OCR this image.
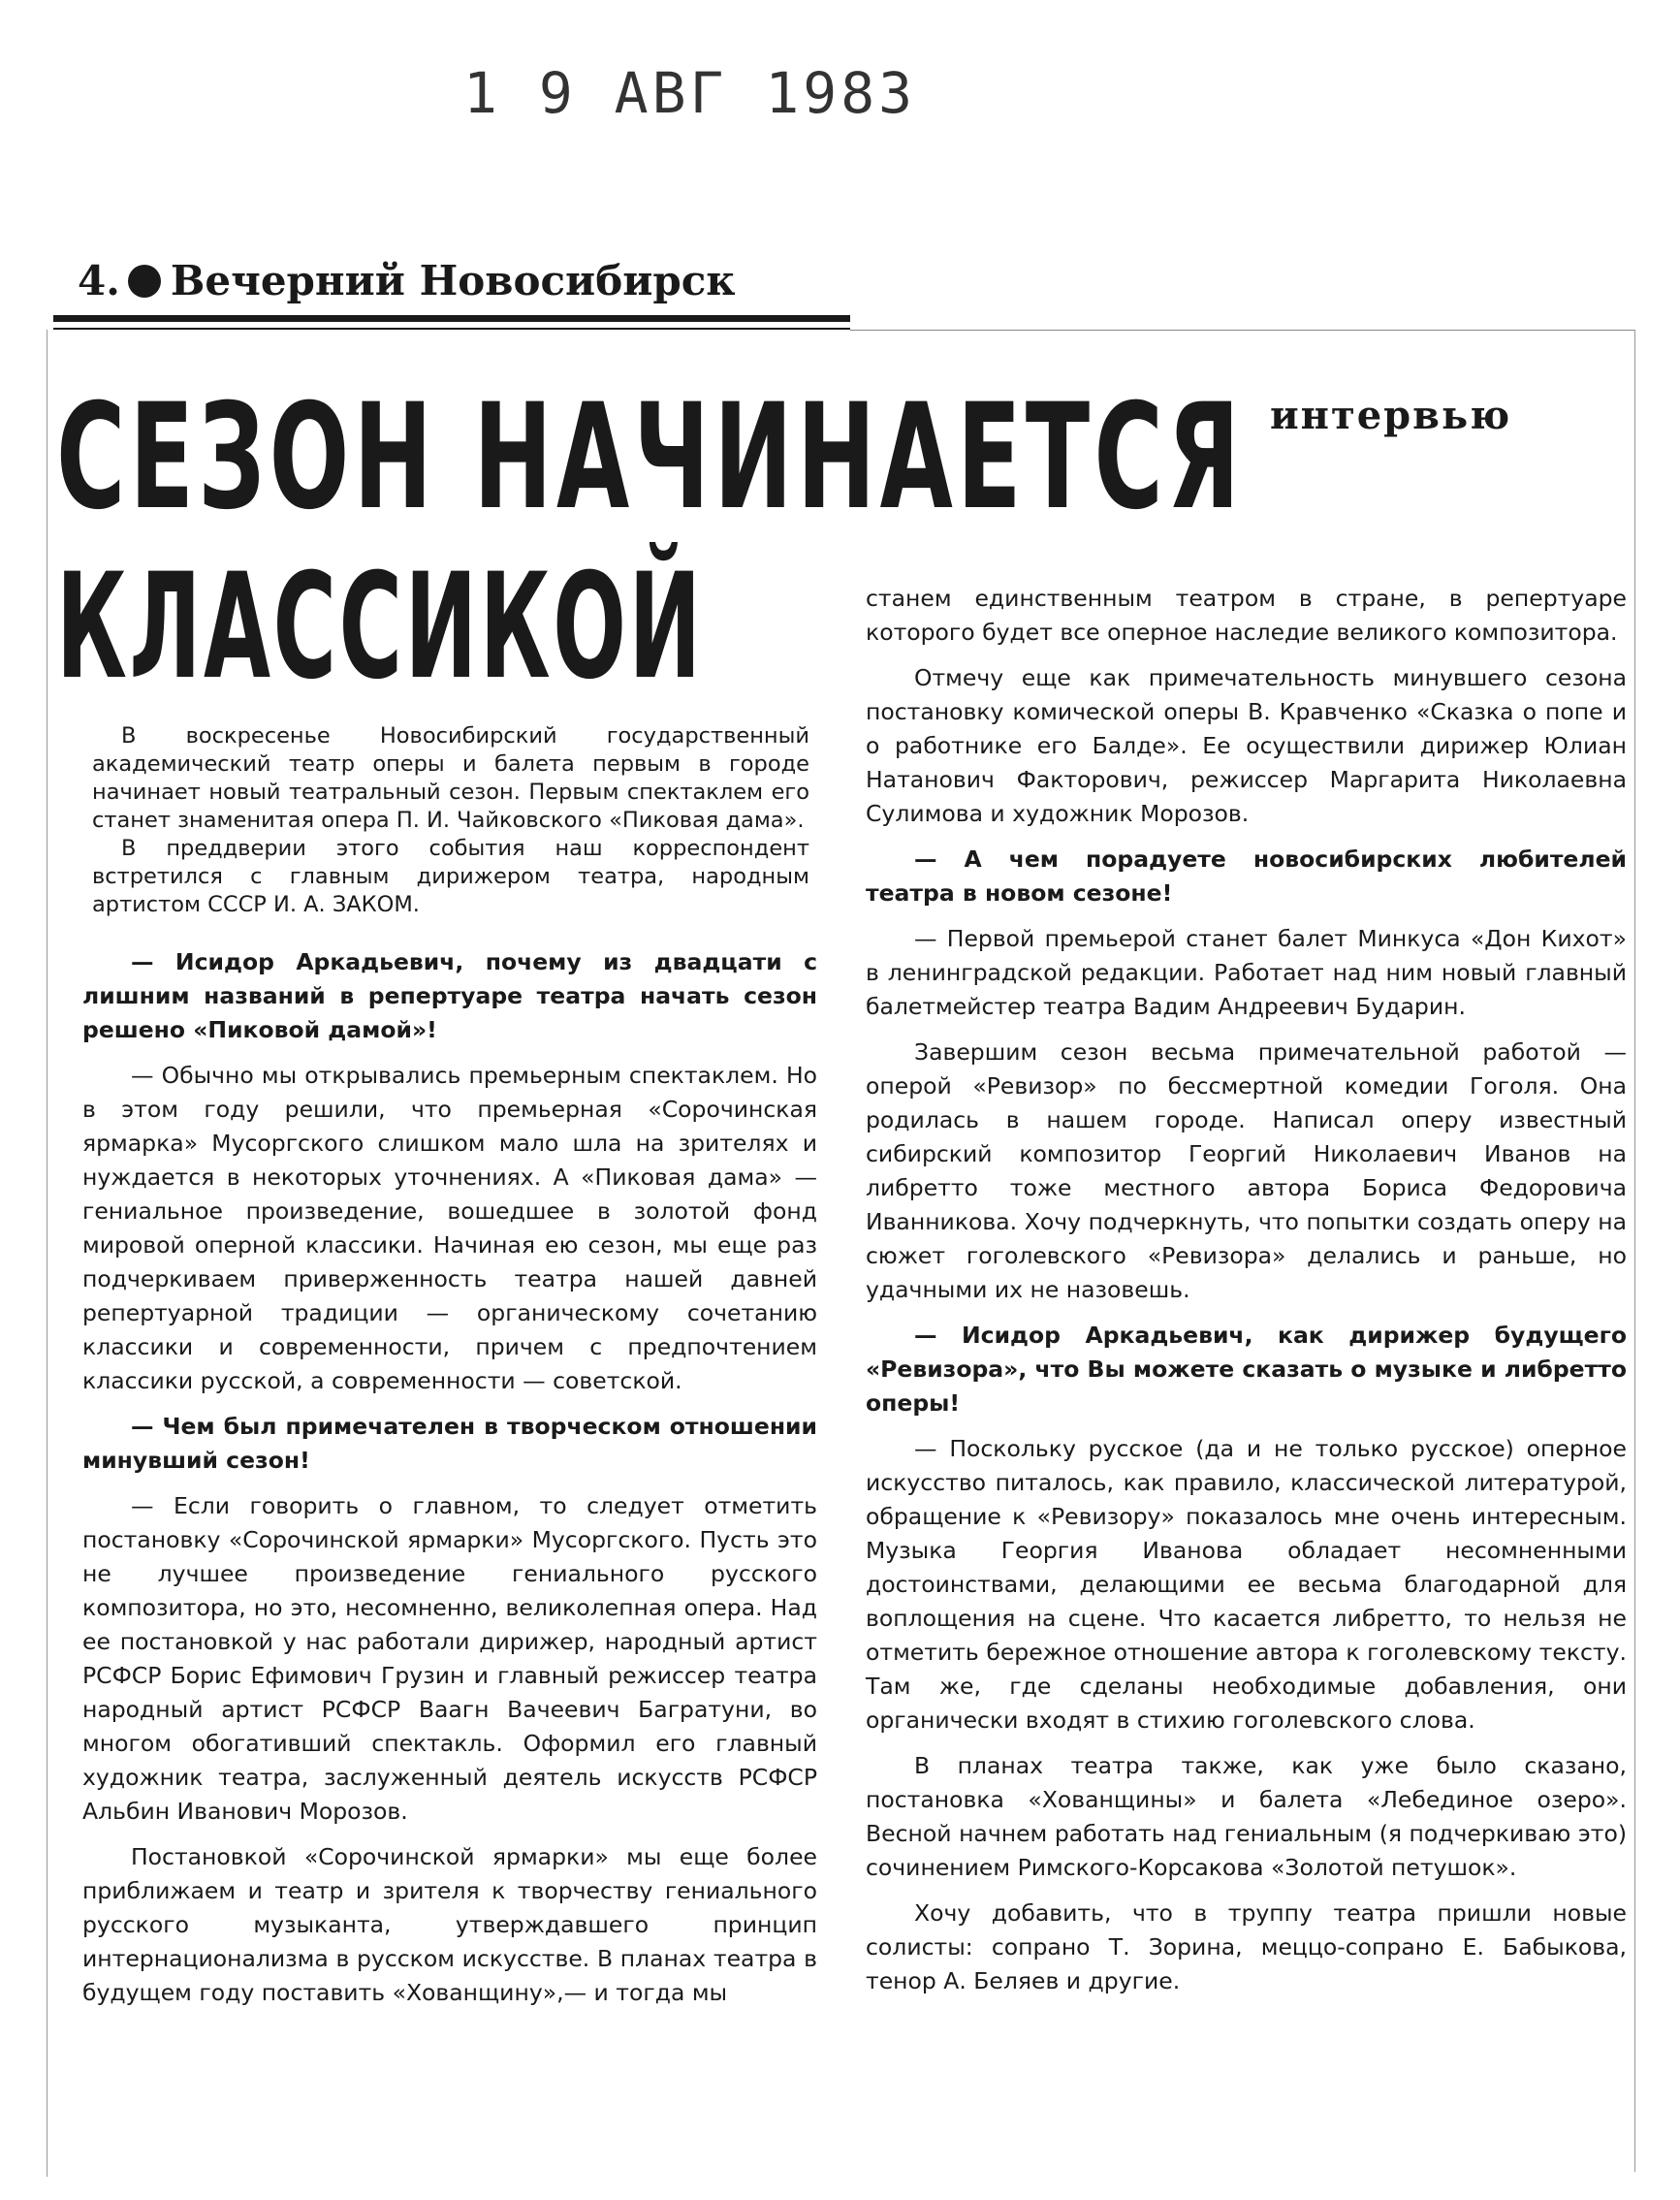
1 9 АВГ 1983
4. Вечерний Новосибирск
СЕЗОН НАЧИНАЕТСЯ
КЛАССИКОЙ
интервью

В воскресенье Новосибирский государственный академический театр оперы и балета первым в городе начинает новый театральный сезон. Первым спектаклем его станет знаменитая опера П. И. Чайковского «Пиковая дама».

В преддверии этого события наш корреспондент встретился с главным дирижером театра, народным артистом СССР И. А. ЗАКОМ.

— Исидор Аркадьевич, почему из двадцати с лишним названий в репертуаре театра начать сезон решено «Пиковой дамой»!

— Обычно мы открывались премьерным спектаклем. Но в этом году решили, что премьерная «Сорочинская ярмарка» Мусоргского слишком мало шла на зрителях и нуждается в некоторых уточнениях. А «Пиковая дама» — гениальное произведение, вошедшее в золотой фонд мировой оперной классики. Начиная ею сезон, мы еще раз подчеркиваем приверженность театра нашей давней репертуарной традиции — органическому сочетанию классики и современности, причем с предпочтением классики русской, а современности — советской.

— Чем был примечателен в творческом отношении минувший сезон!

— Если говорить о главном, то следует отметить постановку «Сорочинской ярмарки» Мусоргского. Пусть это не лучшее произведение гениального русского композитора, но это, несомненно, великолепная опера. Над ее постановкой у нас работали дирижер, народный артист РСФСР Борис Ефимович Грузин и главный режиссер театра народный артист РСФСР Ваагн Вачеевич Багратуни, во многом обогативший спектакль. Оформил его главный художник театра, заслуженный деятель искусств РСФСР Альбин Иванович Морозов.

Постановкой «Сорочинской ярмарки» мы еще более приближаем и театр и зрителя к творчеству гениального русского музыканта, утверждавшего принцип интернационализма в русском искусстве. В планах театра в будущем году поставить «Хованщину»,— и тогда мы

станем единственным театром в стране, в репертуаре которого будет все оперное наследие великого композитора.

Отмечу еще как примечательность минувшего сезона постановку комической оперы В. Кравченко «Сказка о попе и о работнике его Балде». Ее осуществили дирижер Юлиан Натанович Факторович, режиссер Маргарита Николаевна Сулимова и художник Морозов.

— А чем порадуете новосибирских любителей театра в новом сезоне!

— Первой премьерой станет балет Минкуса «Дон Кихот» в ленинградской редакции. Работает над ним новый главный балетмейстер театра Вадим Андреевич Бударин.

Завершим сезон весьма примечательной работой — оперой «Ревизор» по бессмертной комедии Гоголя. Она родилась в нашем городе. Написал оперу известный сибирский композитор Георгий Николаевич Иванов на либретто тоже местного автора Бориса Федоровича Иванникова. Хочу подчеркнуть, что попытки создать оперу на сюжет гоголевского «Ревизора» делались и раньше, но удачными их не назовешь.

— Исидор Аркадьевич, как дирижер будущего «Ревизора», что Вы можете сказать о музыке и либретто оперы!

— Поскольку русское (да и не только русское) оперное искусство питалось, как правило, классической литературой, обращение к «Ревизору» показалось мне очень интересным. Музыка Георгия Иванова обладает несомненными достоинствами, делающими ее весьма благодарной для воплощения на сцене. Что касается либретто, то нельзя не отметить бережное отношение автора к гоголевскому тексту. Там же, где сделаны необходимые добавления, они органически входят в стихию гоголевского слова.

В планах театра также, как уже было сказано, постановка «Хованщины» и балета «Лебединое озеро». Весной начнем работать над гениальным (я подчеркиваю это) сочинением Римского-Корсакова «Золотой петушок».

Хочу добавить, что в труппу театра пришли новые солисты: сопрано Т. Зорина, меццо-сопрано Е. Бабыкова, тенор А. Беляев и другие.
